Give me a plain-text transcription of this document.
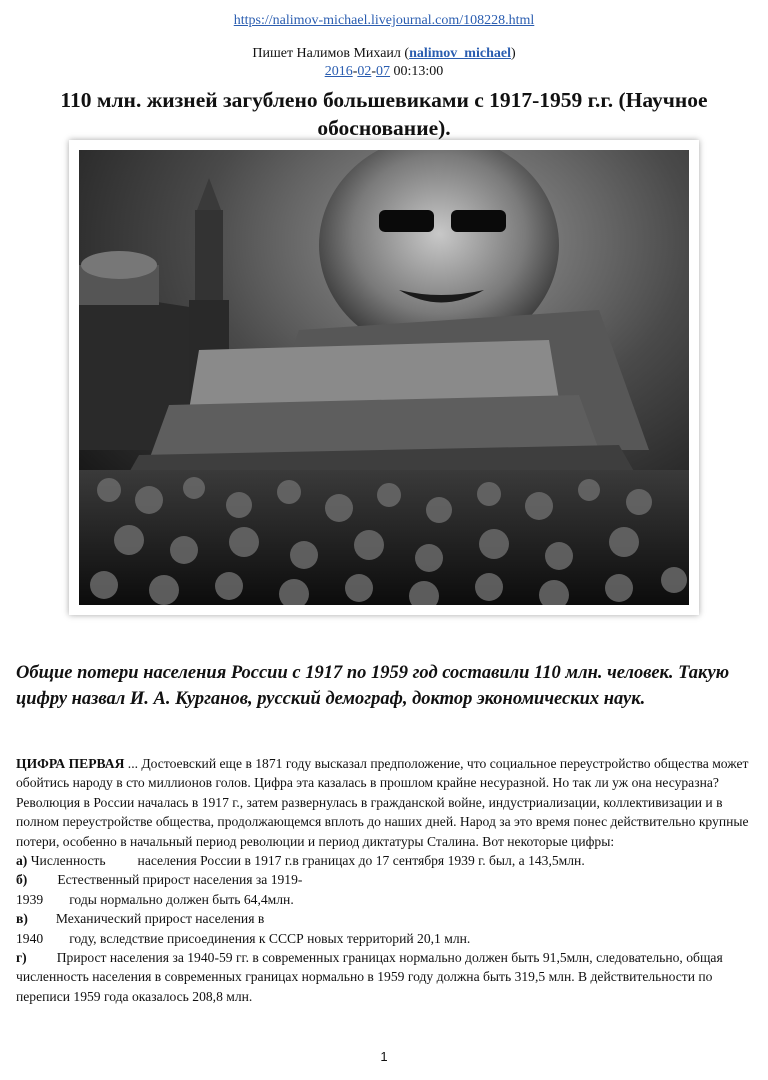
https://nalimov-michael.livejournal.com/108228.html
Пишет Налимов Михаил (nalimov_michael)
2016-02-07 00:13:00
110 млн. жизней загублено большевиками с 1917-1959 г.г. (Научное обоснование).
Общие потери населения России с 1917 по 1959 год составили 110 млн. человек. Такую цифру назвал И. А. Курганов, русский демограф, доктор экономических наук.

ЦИФРА ПЕРВАЯ ... Достоевский еще в 1871 году высказал предположение, что социальное переустройство общества может обойтись народу в сто миллионов голов. Цифра эта казалась в прошлом крайне несуразной. Но так ли уж она несуразна?

Революция в России началась в 1917 г., затем развернулась в гражданской войне, индустриализации, коллективизации и в полном переустройстве общества, продолжающемся вплоть до наших дней. Народ за это время понес действительно крупные потери, особенно в начальный период революции и период диктатуры Сталина. Вот некоторые цифры:

а) Численность населения России в 1917 г.в границах до 17 сентября 1939 г. был, а 143,5млн.

б) Естественный прирост населения за 1919-

1939 годы нормально должен быть 64,4млн.

в) Механический прирост населения в

1940 году, вследствие присоединения к СССР новых территорий 20,1 млн.

г) Прирост населения за 1940-59 гг. в современных границах нормально должен быть 91,5млн, следовательно, общая численность населения в современных границах нормально в 1959 году должна быть 319,5 млн. В действительности по переписи 1959 года оказалось 208,8 млн.

1
